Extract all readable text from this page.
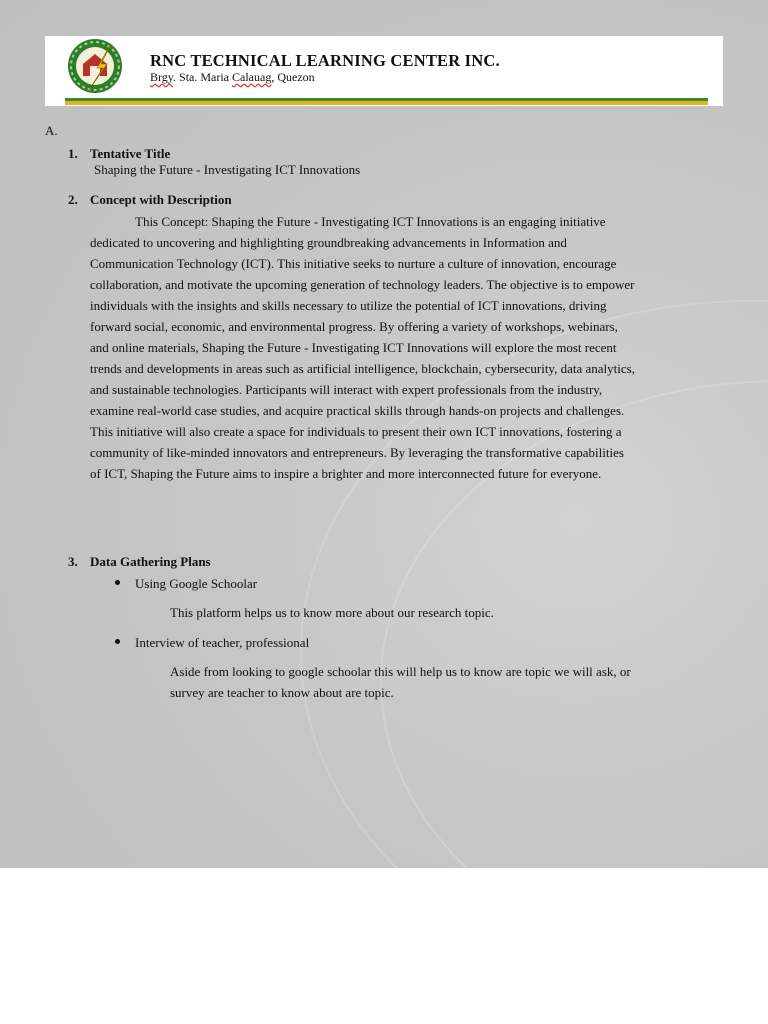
RNC TECHNICAL LEARNING CENTER INC.
Brgy. Sta. Maria Calauag, Quezon
A.
1. Tentative Title
Shaping the Future - Investigating ICT Innovations
2. Concept with Description
This Concept: Shaping the Future - Investigating ICT Innovations is an engaging initiative
dedicated to uncovering and highlighting groundbreaking advancements in Information and
Communication Technology (ICT). This initiative seeks to nurture a culture of innovation, encourage
collaboration, and motivate the upcoming generation of technology leaders. The objective is to empower
individuals with the insights and skills necessary to utilize the potential of ICT innovations, driving
forward social, economic, and environmental progress. By offering a variety of workshops, webinars,
and online materials, Shaping the Future - Investigating ICT Innovations will explore the most recent
trends and developments in areas such as artificial intelligence, blockchain, cybersecurity, data analytics,
and sustainable technologies. Participants will interact with expert professionals from the industry,
examine real-world case studies, and acquire practical skills through hands-on projects and challenges.
This initiative will also create a space for individuals to present their own ICT innovations, fostering a
community of like-minded innovators and entrepreneurs. By leveraging the transformative capabilities
of ICT, Shaping the Future aims to inspire a brighter and more interconnected future for everyone.
3. Data Gathering Plans
Using Google Schoolar
This platform helps us to know more about our research topic.
Interview of teacher, professional
Aside from looking to google schoolar this will help us to know are topic we will ask, or
survey are teacher to know about are topic.
